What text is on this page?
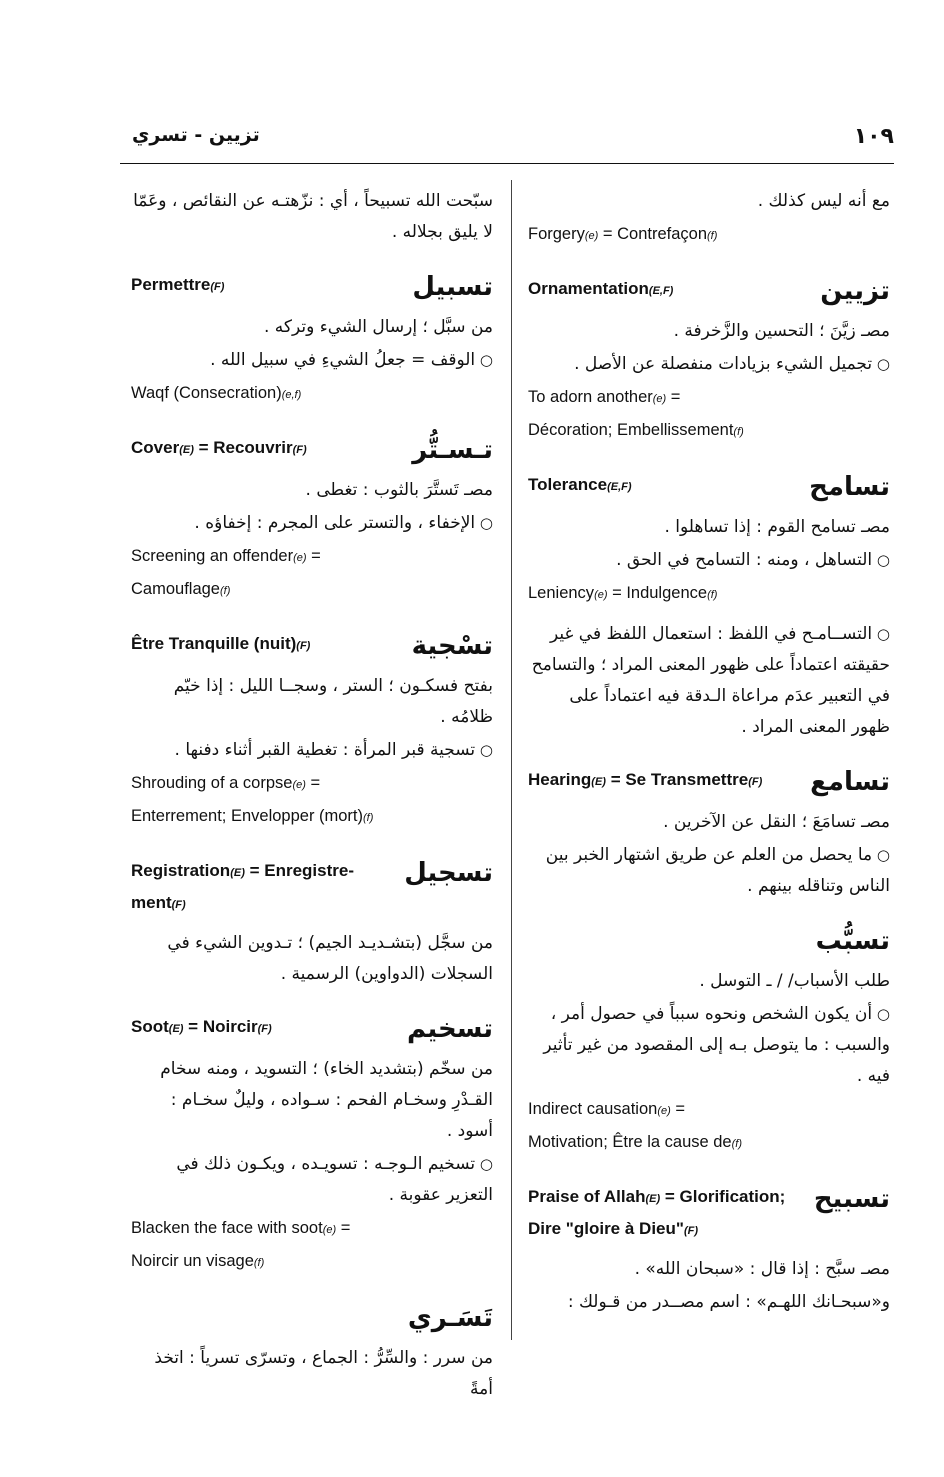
١٠٩
تزيين - تسري

مع أنه ليس كذلك .

Forgery(e) = Contrefaçon(f)

Ornamentation(E,F)	تزيين

مصـ زيَّنَ ؛ التحسين والزَّخرفة .

○ تجميل الشيء بزيادات منفصلة عن الأصل .

To adorn another(e) =

Décoration; Embellissement(f)

Tolerance(E,F)	تسامح

مصـ تسامح القوم : إذا تساهلوا .

○ التساهل ، ومنه : التسامح في الحق .

Leniency(e) = Indulgence(f)

○ التســامـح في اللفظ : استعمال اللفظ في غير حقيقته اعتماداً على ظهور المعنى المراد ؛ والتسامح في التعبير عدَم مراعاة الـدقة فيه اعتماداً على ظهور المعنى المراد .

Hearing(E) = Se Transmettre(F)	تسامع

مصـ تسامَعَ ؛ النقل عن الآخرين .

○ ما يحصل من العلم عن طريق اشتهار الخبر بين الناس وتناقله بينهم .

تسبُّب

طلب الأسباب/ / ـ التوسل .

○ أن يكون الشخص ونحوه سبباً في حصول أمر ، والسبب : ما يتوصل بـه إلى المقصود من غير تأثير فيه .

Indirect causation(e) =

Motivation; Être la cause de(f)

Praise of Allah(E) = Glorification; Dire "gloire à Dieu"(F)
تسبيح

مصـ سبَّح : إذا قال : «سبحان الله» .

و«سبحـانك اللهـم» : اسم مصــدر من قـولك :

سبّحت الله تسبيحاً ، أي : نزّهتـه عن النقائص ، وعَمّا لا يليق بجلاله .

Permettre(F)	تسبيل

من سبَّل ؛ إرسال الشيء وتركه .

○ الوقف = جعلُ الشيءِ في سبيل الله .

Waqf (Consecration)(e,f)

Cover(E) = Recouvrir(F)	تـسـتُّر

مصـ تَستَّرَ بالثوب : تغطى .

○ الإخفاء ، والتستر على المجرم : إخفاؤه .

Screening an offender(e) =

Camouflage(f)

Être Tranquille (nuit)(F)	تسْجية

بفتح فسكـون ؛ الستر ، وسجــا الليل : إذا خيّم ظلامُه .

○ تسجية قبر المرأة : تغطية القبر أثناء دفنها .

Shrouding of a corpse(e) =

Enterrement; Envelopper (mort)(f)

Registration(E) = Enregistre- ment(F)
تسجيل

من سجَّل (بتشـديـد الجيم) ؛ تـدوين الشيء في السجلات (الدواوين) الرسمية .

Soot(E) = Noircir(F)	تسخيم

من سخّم (بتشديد الخاء) ؛ التسويد ، ومنه سخام القـدْرِ وسخـام الفحم : سـواده ، وليلٌ سخـام : أسود .

○ تسخيم الـوجـه : تسويـده ، ويكـون ذلك في التعزير عقوبة .

Blacken the face with soot(e) =

Noircir un visage(f)

تَسَـري

من سرر : والسِّرُّ : الجماع ، وتسرّى تسرياً : اتخذ أمةً
